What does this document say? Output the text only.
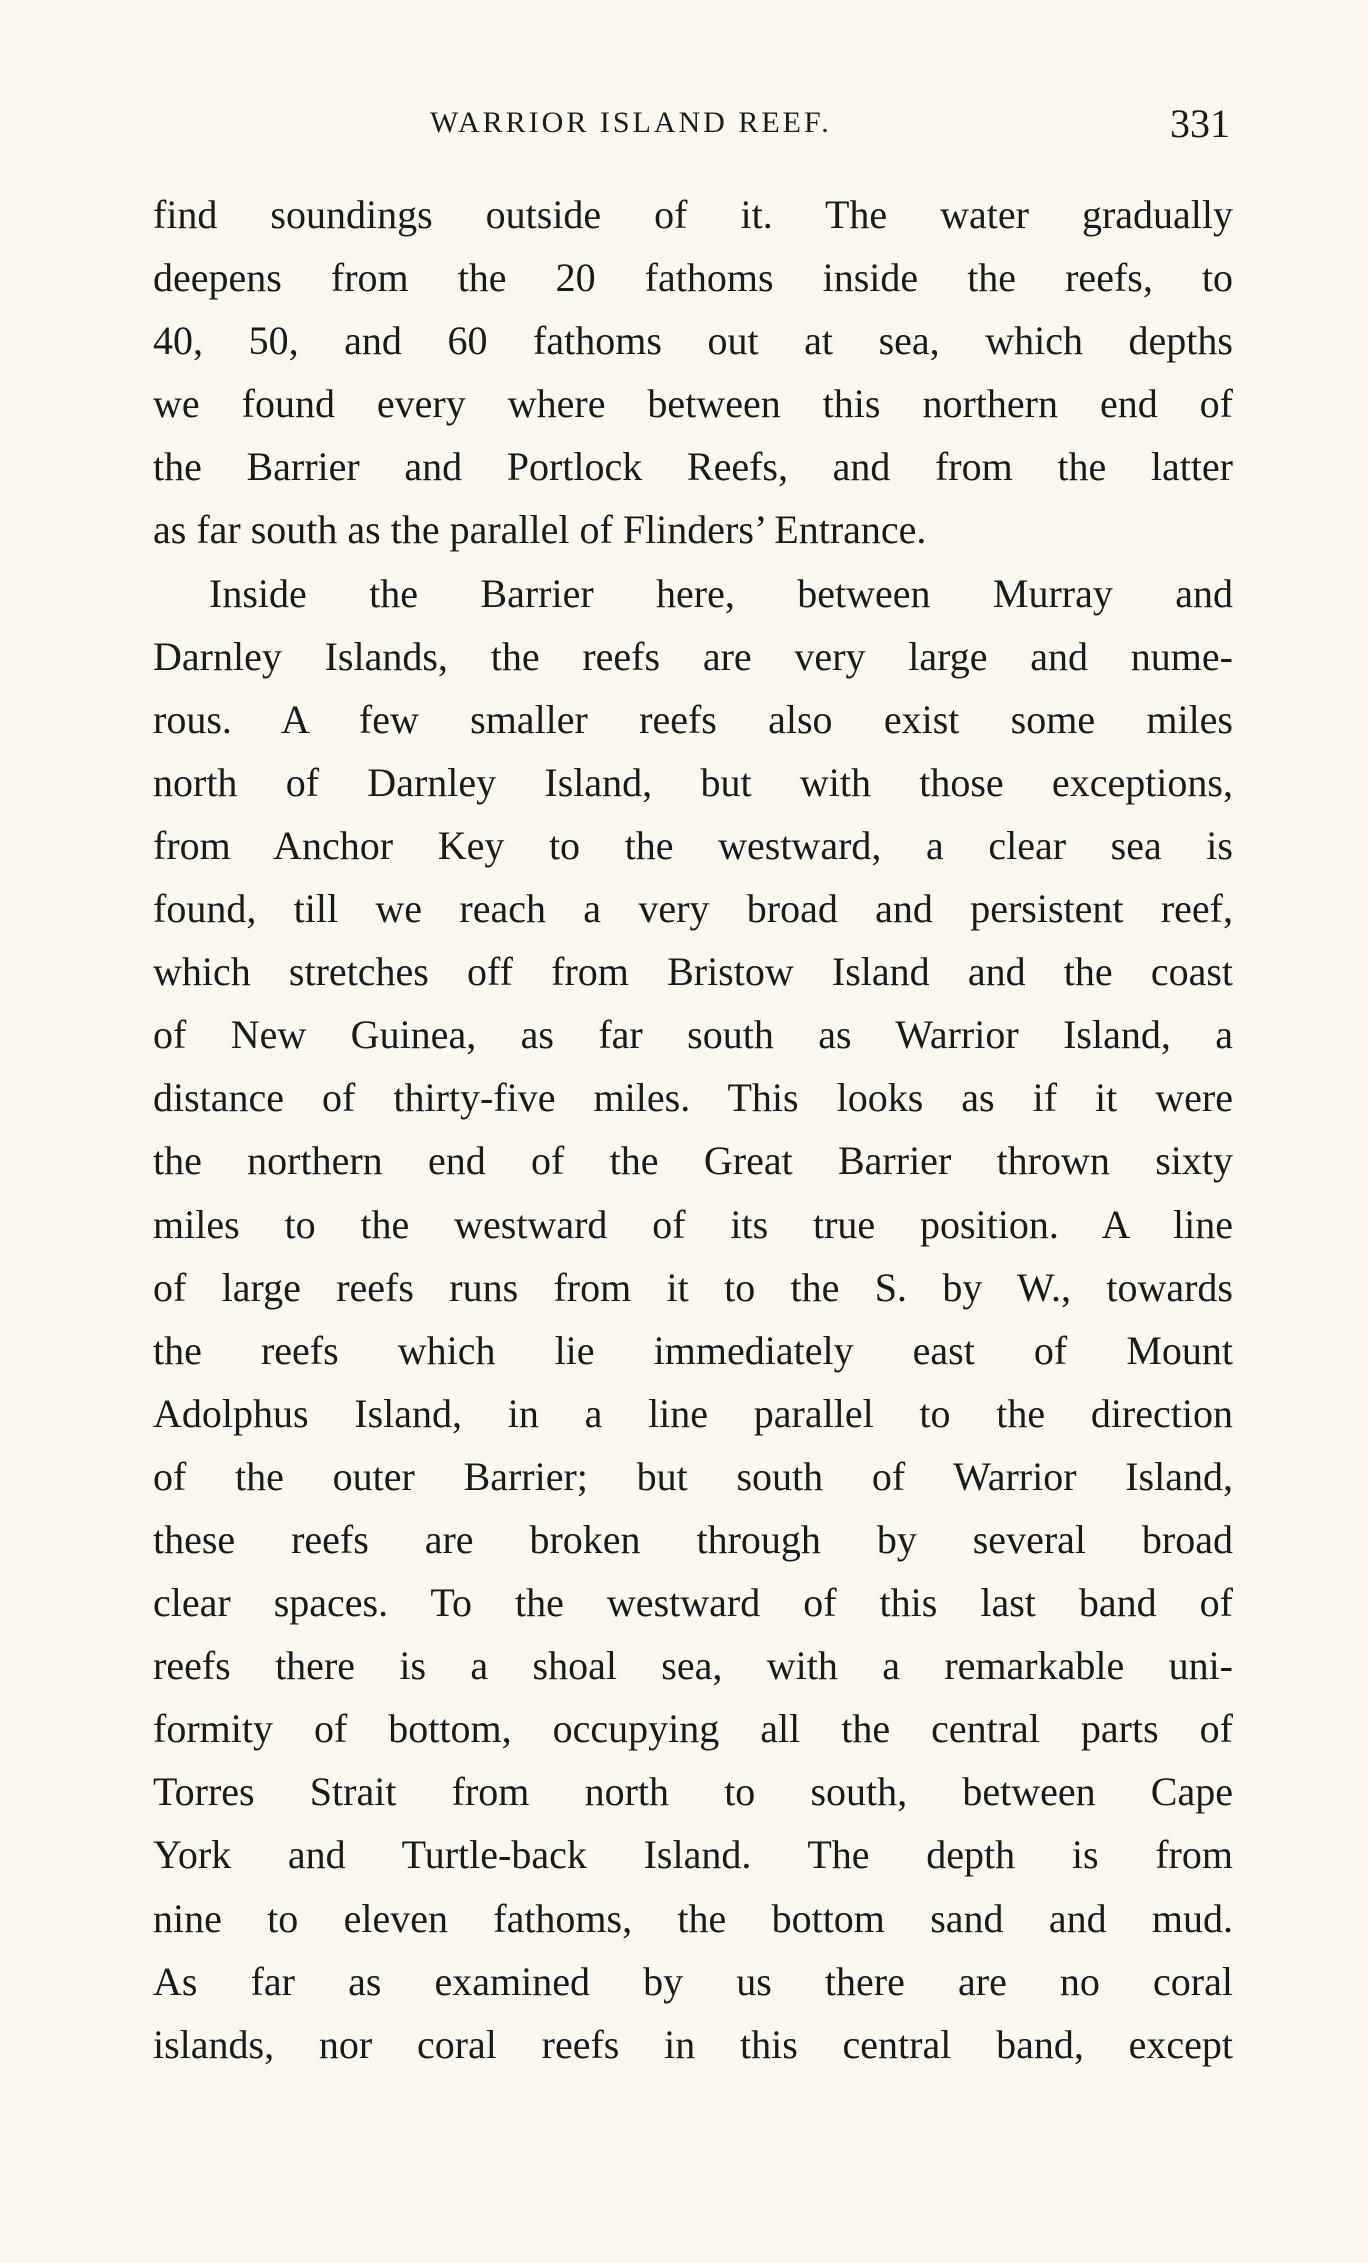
WARRIOR ISLAND REEF.	331
find soundings outside of it. The water gradually
deepens from the 20 fathoms inside the reefs, to
40, 50, and 60 fathoms out at sea, which depths
we found every where between this northern end of
the Barrier and Portlock Reefs, and from the latter
as far south as the parallel of Flinders’ Entrance.
Inside the Barrier here, between Murray and
Darnley Islands, the reefs are very large and nume-
rous. A few smaller reefs also exist some miles
north of Darnley Island, but with those exceptions,
from Anchor Key to the westward, a clear sea is
found, till we reach a very broad and persistent reef,
which stretches off from Bristow Island and the coast
of New Guinea, as far south as Warrior Island, a
distance of thirty-five miles. This looks as if it were
the northern end of the Great Barrier thrown sixty
miles to the westward of its true position. A line
of large reefs runs from it to the S. by W., towards
the reefs which lie immediately east of Mount
Adolphus Island, in a line parallel to the direction
of the outer Barrier; but south of Warrior Island,
these reefs are broken through by several broad
clear spaces. To the westward of this last band of
reefs there is a shoal sea, with a remarkable uni-
formity of bottom, occupying all the central parts of
Torres Strait from north to south, between Cape
York and Turtle-back Island. The depth is from
nine to eleven fathoms, the bottom sand and mud.
As far as examined by us there are no coral
islands, nor coral reefs in this central band, except
